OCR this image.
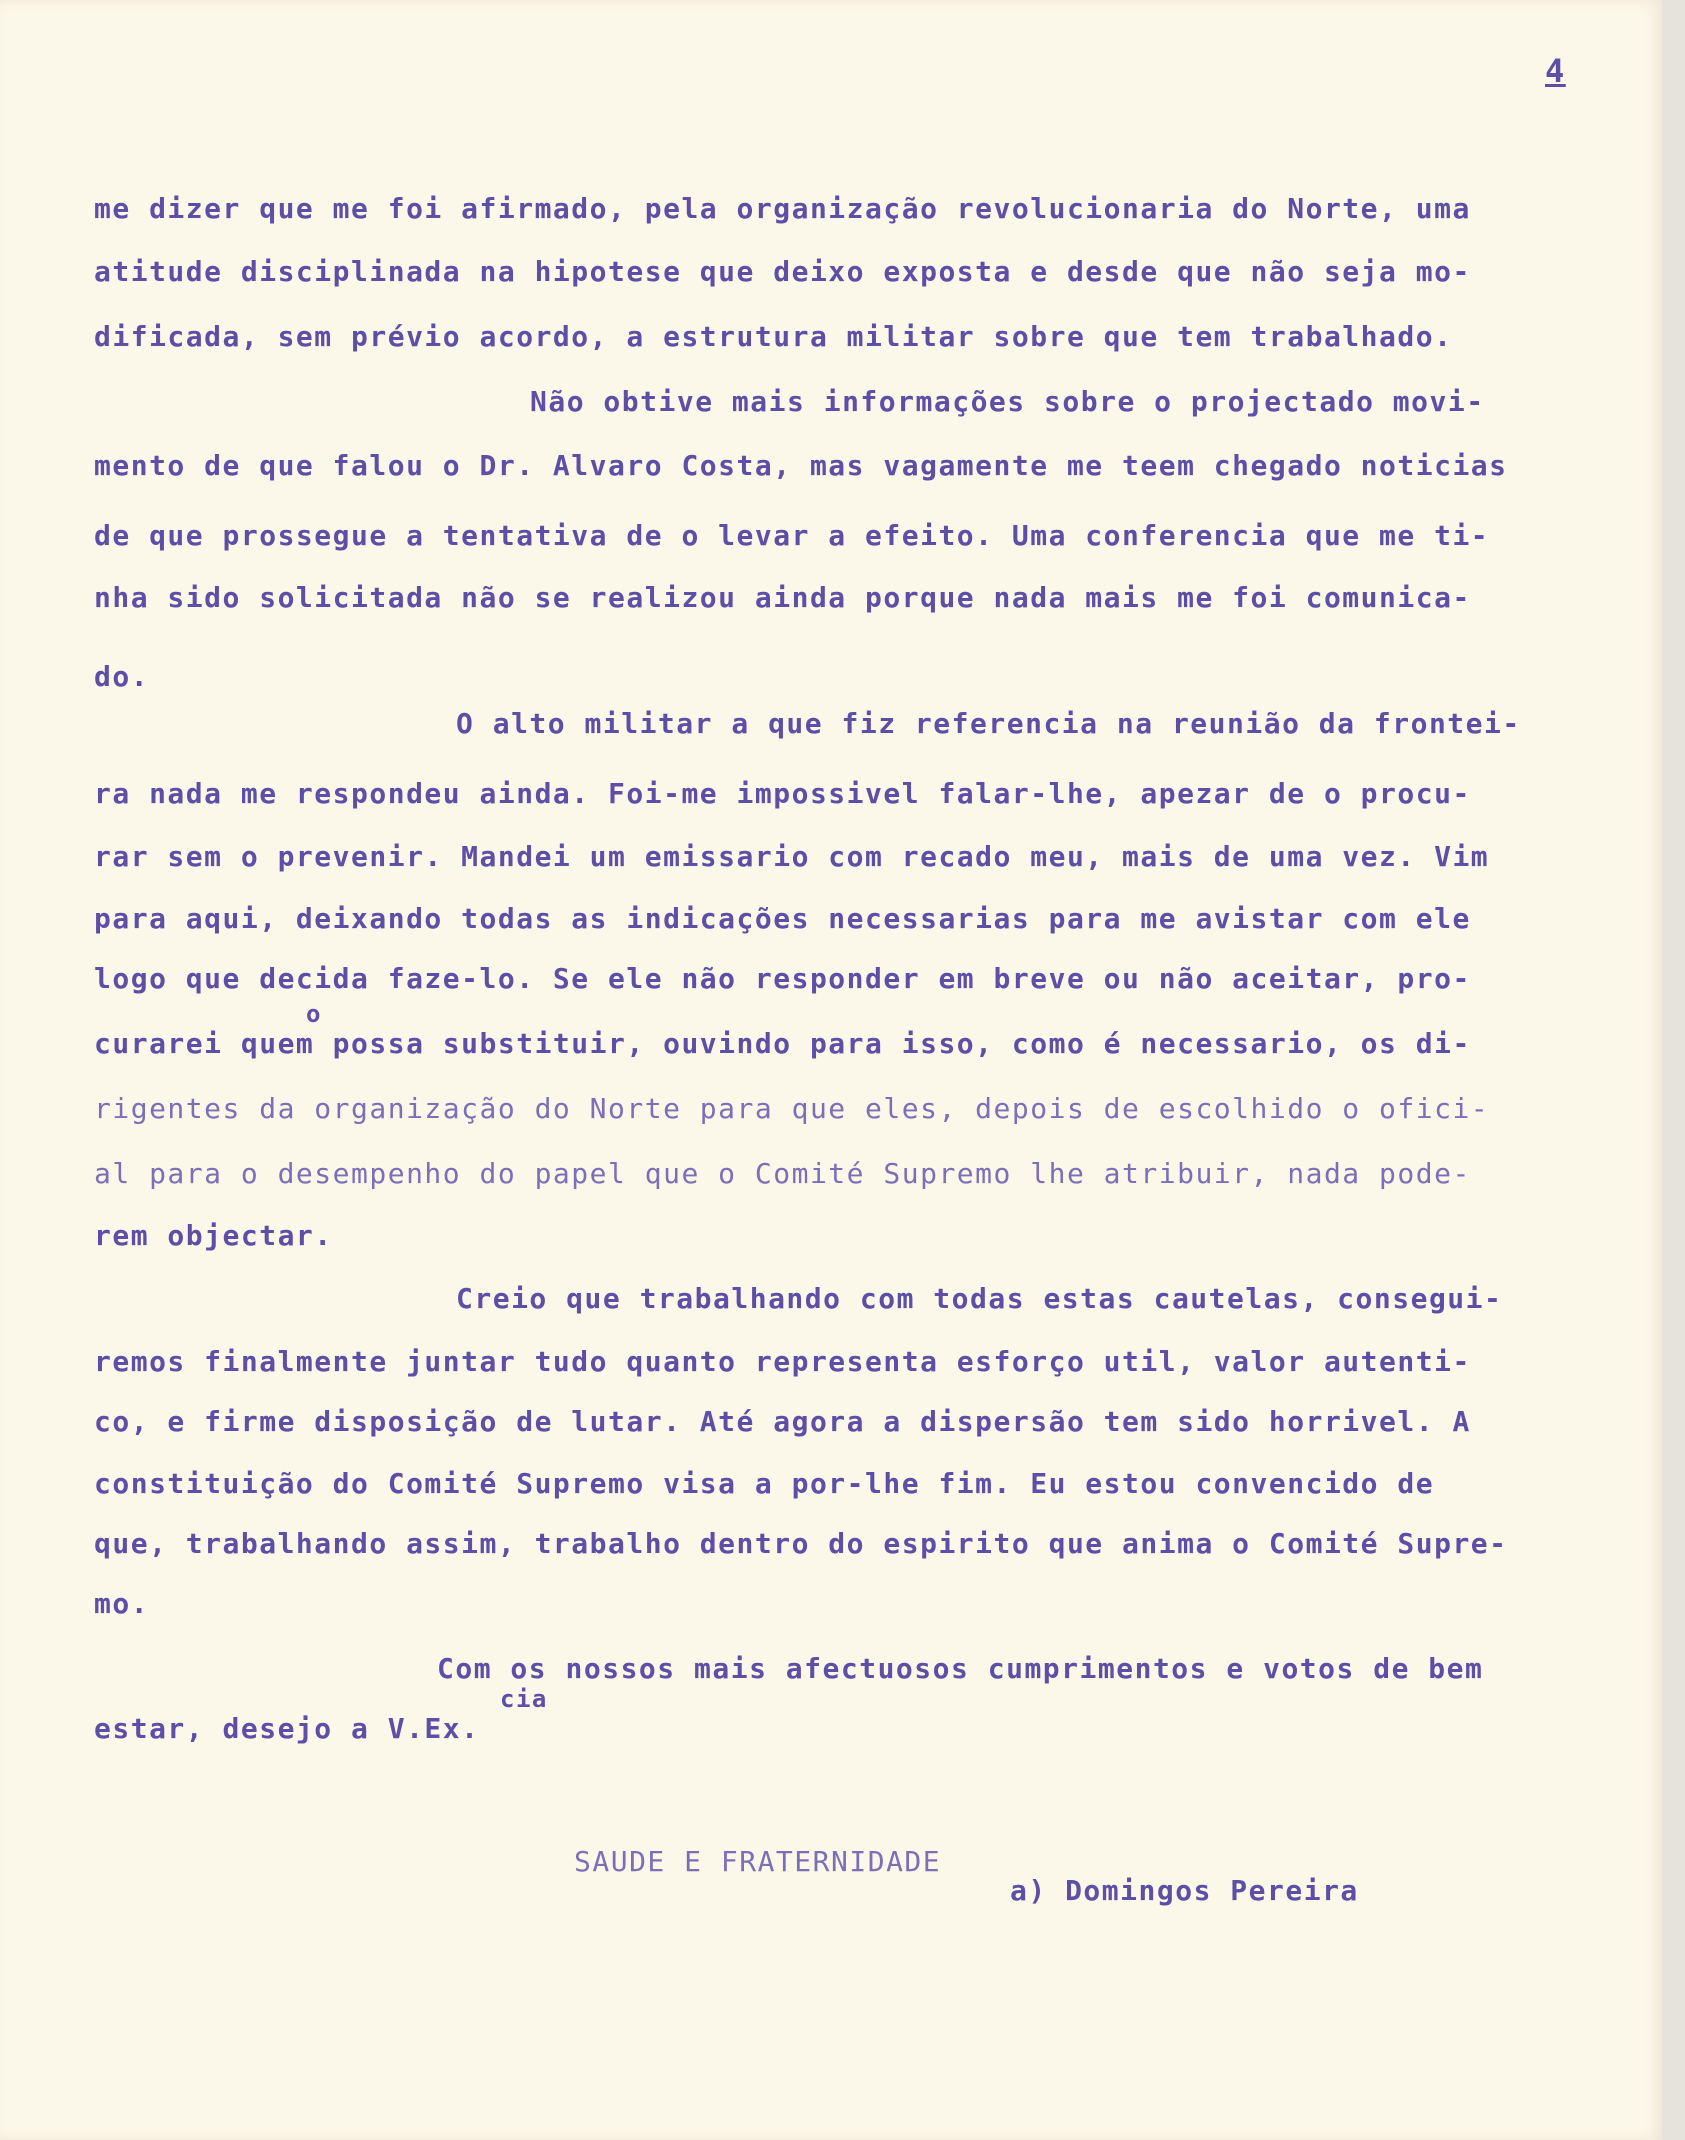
4
me dizer que me foi afirmado, pela organização revolucionaria do Norte, uma
atitude disciplinada na hipotese que deixo exposta e desde que não seja mo-
dificada, sem prévio acordo, a estrutura militar sobre que tem trabalhado.
Não obtive mais informações sobre o projectado movi-
mento de que falou o Dr. Alvaro Costa, mas vagamente me teem chegado noticias
de que prossegue a tentativa de o levar a efeito. Uma conferencia que me ti-
nha sido solicitada não se realizou ainda porque nada mais me foi comunica-
do.
O alto militar a que fiz referencia na reunião da frontei-
ra nada me respondeu ainda. Foi-me impossivel falar-lhe, apezar de o procu-
rar sem o prevenir. Mandei um emissario com recado meu, mais de uma vez. Vim
para aqui, deixando todas as indicações necessarias para me avistar com ele
logo que decida faze-lo. Se ele não responder em breve ou não aceitar, pro-
o
curarei quem possa substituir, ouvindo para isso, como é necessario, os di-
rigentes da organização do Norte para que eles, depois de escolhido o ofici-
al para o desempenho do papel que o Comité Supremo lhe atribuir, nada pode-
rem objectar.
Creio que trabalhando com todas estas cautelas, consegui-
remos finalmente juntar tudo quanto representa esforço util, valor autenti-
co, e firme disposição de lutar. Até agora a dispersão tem sido horrivel. A
constituição do Comité Supremo visa a por-lhe fim. Eu estou convencido de
que, trabalhando assim, trabalho dentro do espirito que anima o Comité Supre-
mo.
Com os nossos mais afectuosos cumprimentos e votos de bem
cia
estar, desejo a V.Ex.
SAUDE E FRATERNIDADE
a) Domingos Pereira
